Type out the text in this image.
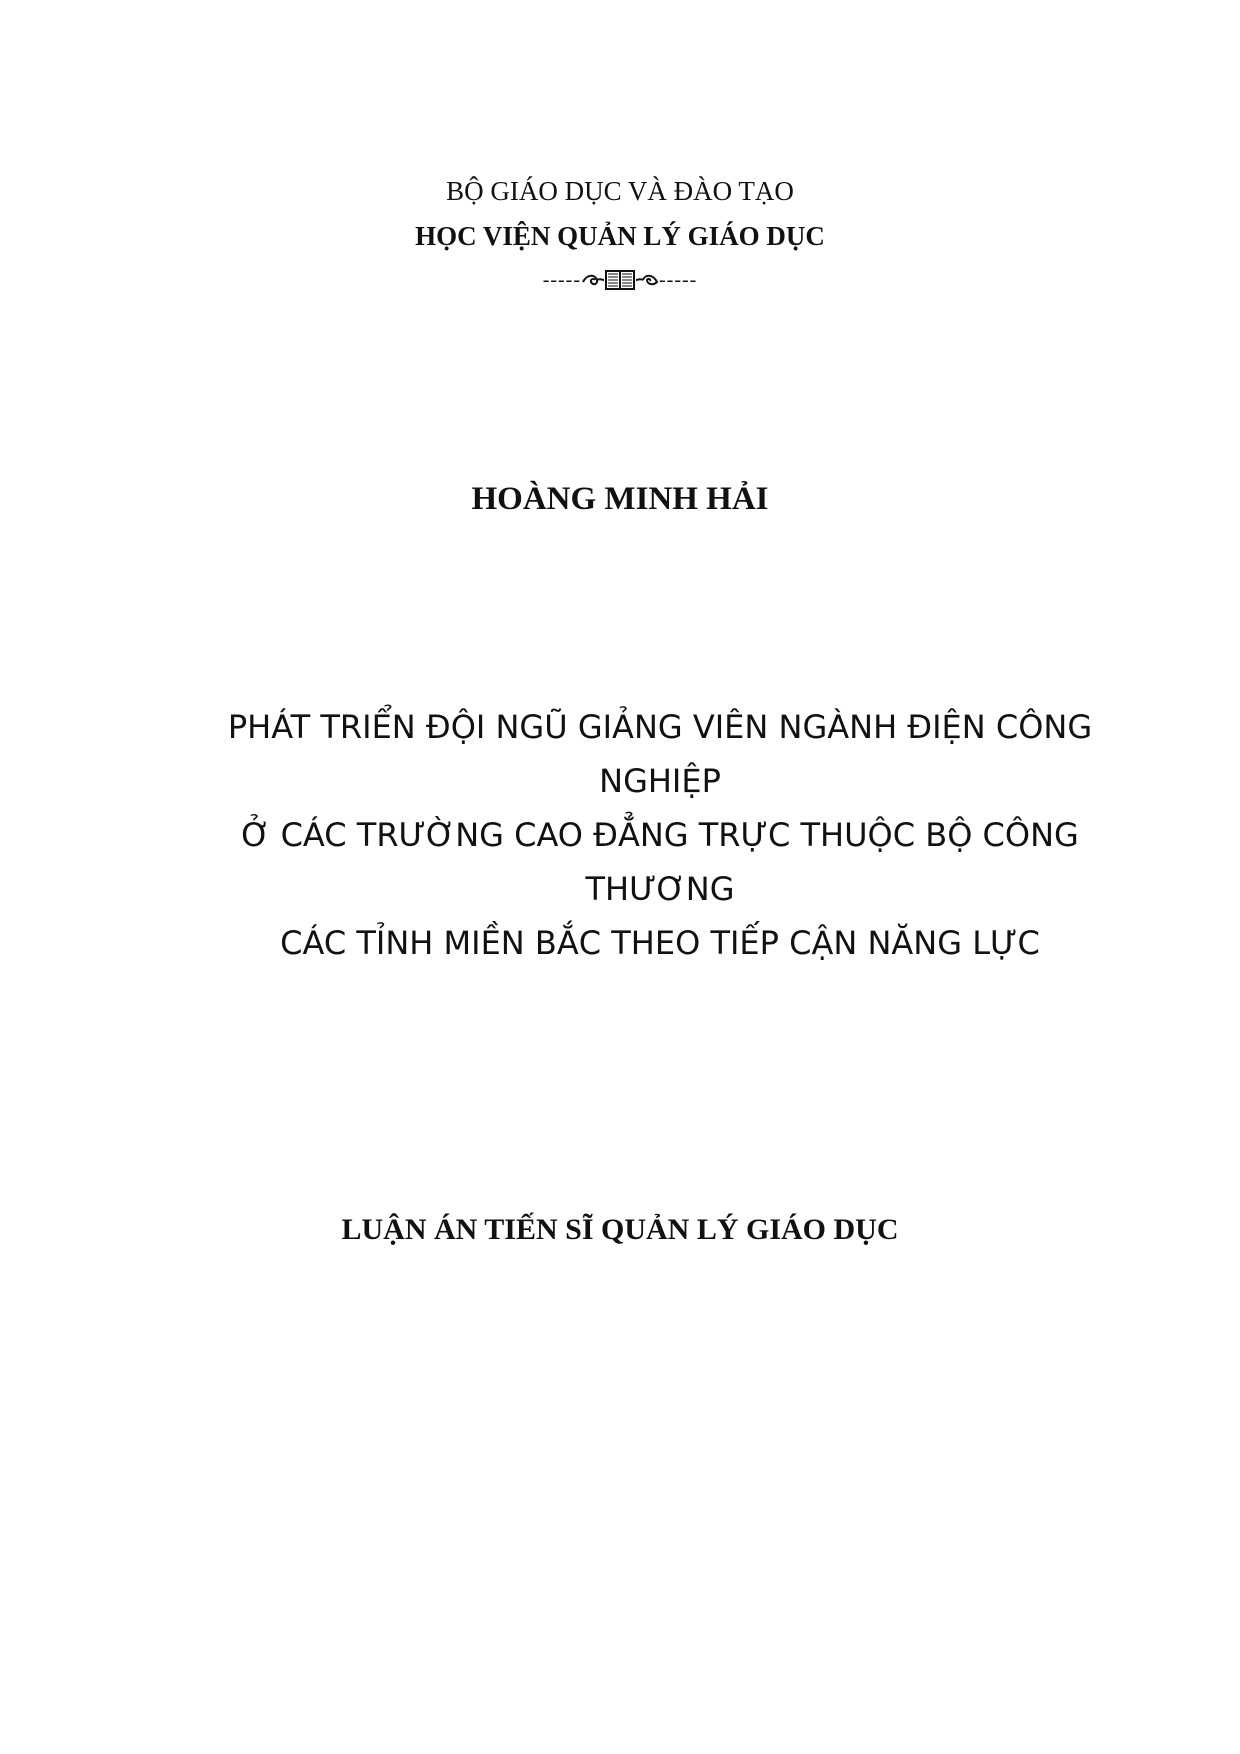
BỘ GIÁO DỤC VÀ ĐÀO TẠO
HỌC VIỆN QUẢN LÝ GIÁO DỤC
-----	-----
HOÀNG MINH HẢI
PHÁT TRIỂN ĐỘI NGŨ GIẢNG VIÊN NGÀNH ĐIỆN CÔNG
NGHIỆP
Ở CÁC TRƯỜNG CAO ĐẲNG TRỰC THUỘC BỘ CÔNG
THƯƠNG
CÁC TỈNH MIỀN BẮC THEO TIẾP CẬN NĂNG LỰC
LUẬN ÁN TIẾN SĨ QUẢN LÝ GIÁO DỤC
